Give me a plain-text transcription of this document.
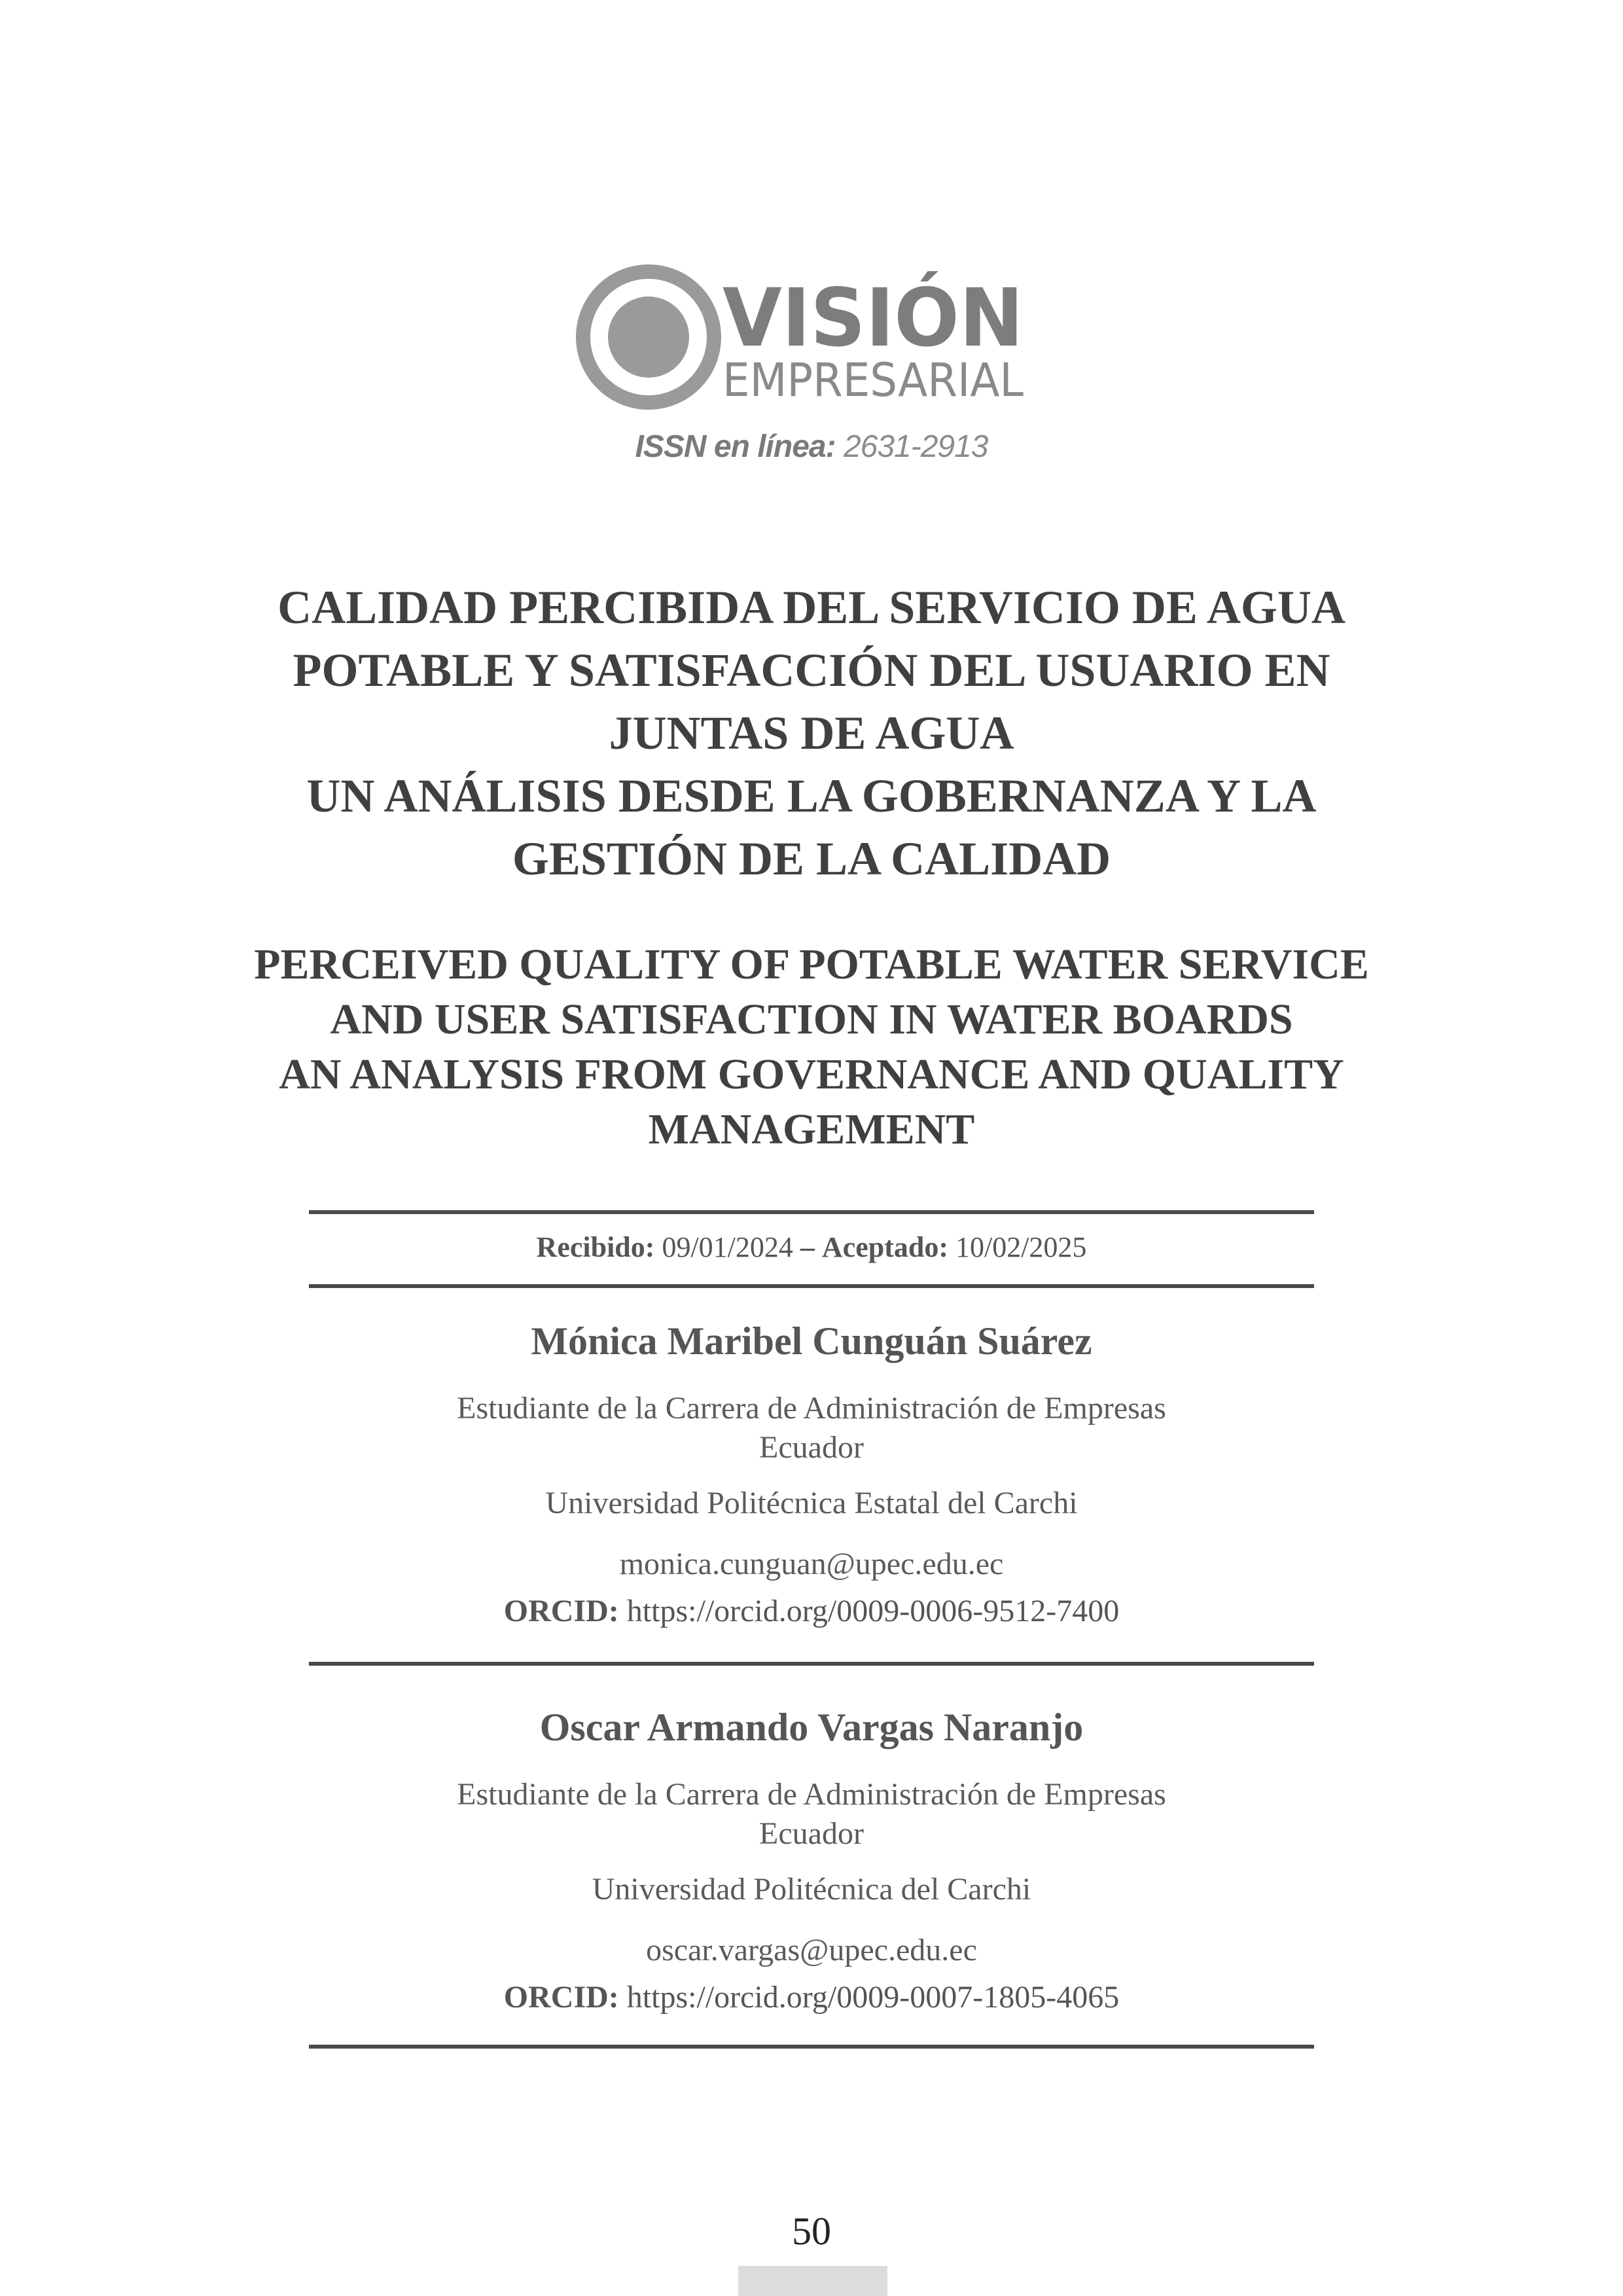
VISIÓN
EMPRESARIAL
ISSN en línea: 2631-2913
CALIDAD PERCIBIDA DEL SERVICIO DE AGUA
POTABLE Y SATISFACCIÓN DEL USUARIO EN
JUNTAS DE AGUA
UN ANÁLISIS DESDE LA GOBERNANZA Y LA
GESTIÓN DE LA CALIDAD
PERCEIVED QUALITY OF POTABLE WATER SERVICE
AND USER SATISFACTION IN WATER BOARDS
AN ANALYSIS FROM GOVERNANCE AND QUALITY
MANAGEMENT
Recibido: 09/01/2024 – Aceptado: 10/02/2025
Mónica Maribel Cunguán Suárez
Estudiante de la Carrera de Administración de Empresas
Ecuador
Universidad Politécnica Estatal del Carchi
monica.cunguan@upec.edu.ec
ORCID: https://orcid.org/0009-0006-9512-7400
Oscar Armando Vargas Naranjo
Estudiante de la Carrera de Administración de Empresas
Ecuador
Universidad Politécnica del Carchi
oscar.vargas@upec.edu.ec
ORCID: https://orcid.org/0009-0007-1805-4065
50
